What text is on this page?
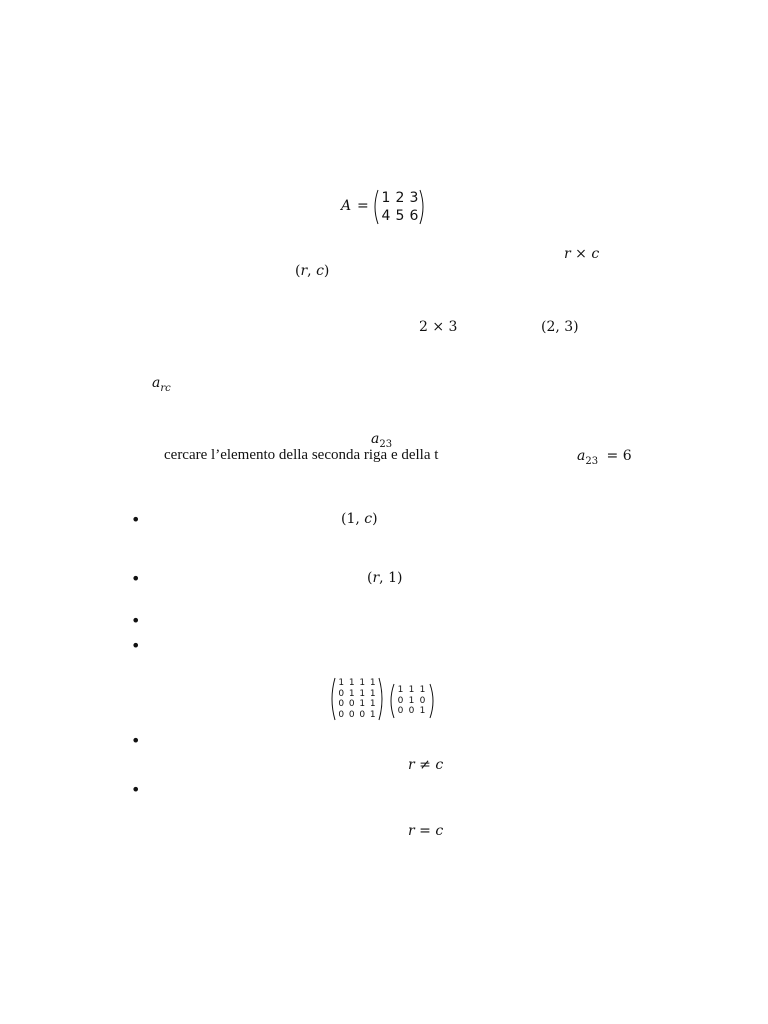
A = 1 2 3
4 5 6
r × c
(r, c)
2 × 3	(2, 3)
$a_{rc}$
$a_{23}$
cercare l’elemento della seconda riga e della t	$a_{23} = 6$
•	(1, c)
•	(r, 1)
•
•
1 1 1 1
0 1 1 1
0 0 1 1
0 0 0 1
1 1 1
0 1 0
0 0 1
•
r ≠ c
•
r = c
